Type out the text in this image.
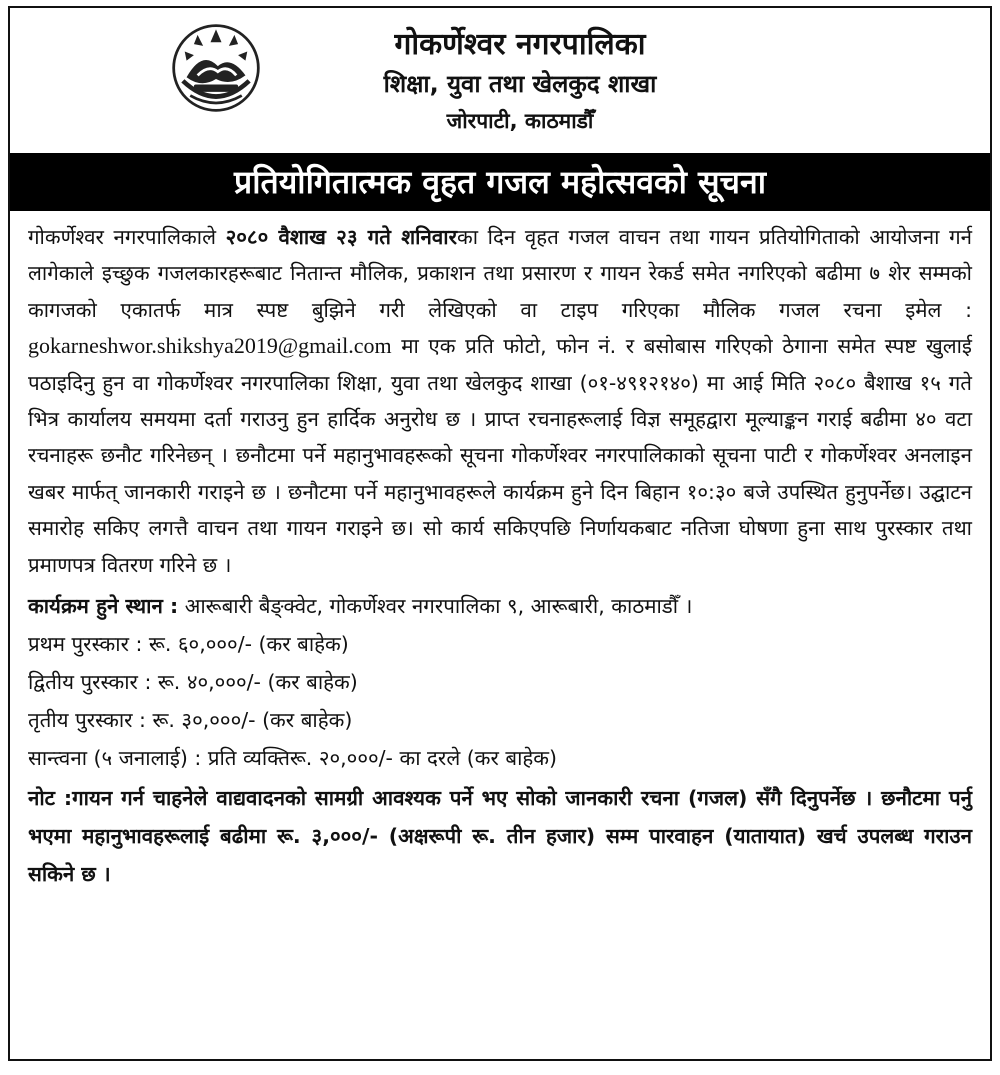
गोकर्णेश्वर नगरपालिका
शिक्षा, युवा तथा खेलकुद शाखा
जोरपाटी, काठमाडौँ
प्रतियोगितात्मक वृहत गजल महोत्सवको सूचना
गोकर्णेश्वर नगरपालिकाले २०८० वैशाख २३ गते शनिवारका दिन वृहत गजल वाचन तथा गायन प्रतियोगिताको आयोजना गर्न लागेकाले इच्छुक गजलकारहरूबाट नितान्त मौलिक, प्रकाशन तथा प्रसारण र गायन रेकर्ड समेत नगरिएको बढीमा ७ शेर सम्मको कागजको एकातर्फ मात्र स्पष्ट बुझिने गरी लेखिएको वा टाइप गरिएका मौलिक गजल रचना इमेल : gokarneshwor.shikshya2019@gmail.com मा एक प्रति फोटो, फोन नं. र बसोबास गरिएको ठेगाना समेत स्पष्ट खुलाई पठाइदिनु हुन वा गोकर्णेश्वर नगरपालिका शिक्षा, युवा तथा खेलकुद शाखा (०१-४९१२१४०) मा आई मिति २०८० बैशाख १५ गते भित्र कार्यालय समयमा दर्ता गराउनु हुन हार्दिक अनुरोध छ । प्राप्त रचनाहरूलाई विज्ञ समूहद्वारा मूल्याङ्कन गराई बढीमा ४० वटा रचनाहरू छनौट गरिनेछन् । छनौटमा पर्ने महानुभावहरूको सूचना गोकर्णेश्वर नगरपालिकाको सूचना पाटी र गोकर्णेश्वर अनलाइन खबर मार्फत् जानकारी गराइने छ । छनौटमा पर्ने महानुभावहरूले कार्यक्रम हुने दिन बिहान १०:३० बजे उपस्थित हुनुपर्नेछ। उद्घाटन समारोह सकिए लगत्तै वाचन तथा गायन गराइने छ। सो कार्य सकिएपछि निर्णायकबाट नतिजा घोषणा हुना साथ पुरस्कार तथा प्रमाणपत्र वितरण गरिने छ ।
कार्यक्रम हुने स्थान : आरूबारी बैङ्क्वेट, गोकर्णेश्वर नगरपालिका ९, आरूबारी, काठमाडौँ ।
प्रथम पुरस्कार : रू. ६०,०००/- (कर बाहेक)
द्वितीय पुरस्कार : रू. ४०,०००/- (कर बाहेक)
तृतीय पुरस्कार : रू. ३०,०००/- (कर बाहेक)
सान्त्वना (५ जनालाई) : प्रति व्यक्तिरू. २०,०००/- का दरले (कर बाहेक)
नोट :गायन गर्न चाहनेले वाद्यवादनको सामग्री आवश्यक पर्ने भए सोको जानकारी रचना (गजल) सँगै दिनुपर्नेछ । छनौटमा पर्नु भएमा महानुभावहरूलाई बढीमा रू. ३,०००/- (अक्षरूपी रू. तीन हजार) सम्म पारवाहन (यातायात) खर्च उपलब्ध गराउन सकिने छ ।
